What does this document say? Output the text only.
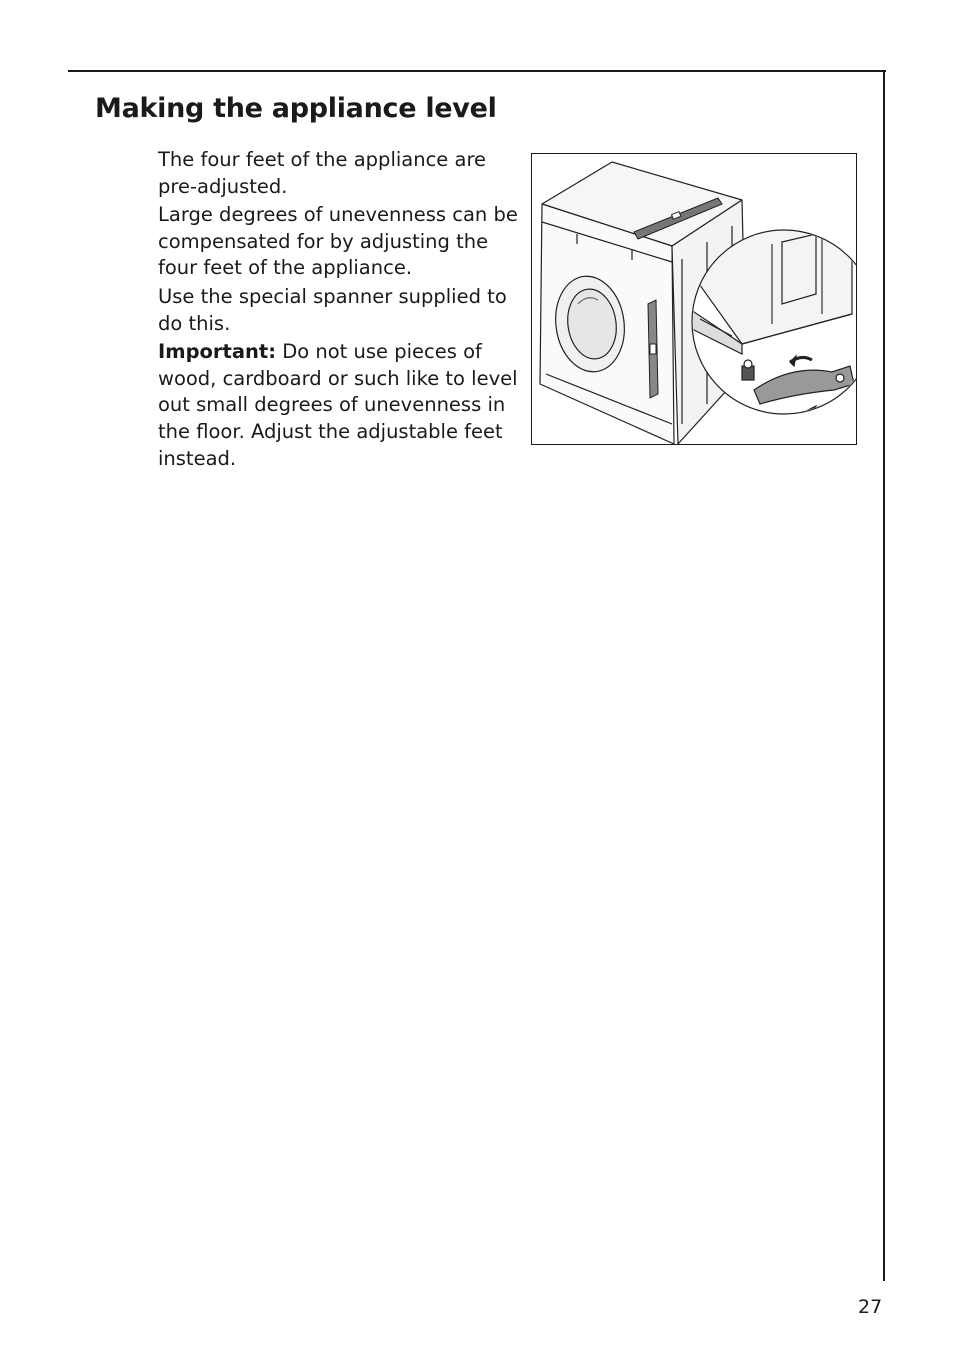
Making the appliance level

The four feet of the appliance are pre-adjusted.

Large degrees of unevenness can be compensated for by adjusting the four feet of the appliance.

Use the special spanner supplied to do this.

Important: Do not use pieces of wood, cardboard or such like to level out small degrees of unevenness in the floor. Adjust the adjustable feet instead.

27
